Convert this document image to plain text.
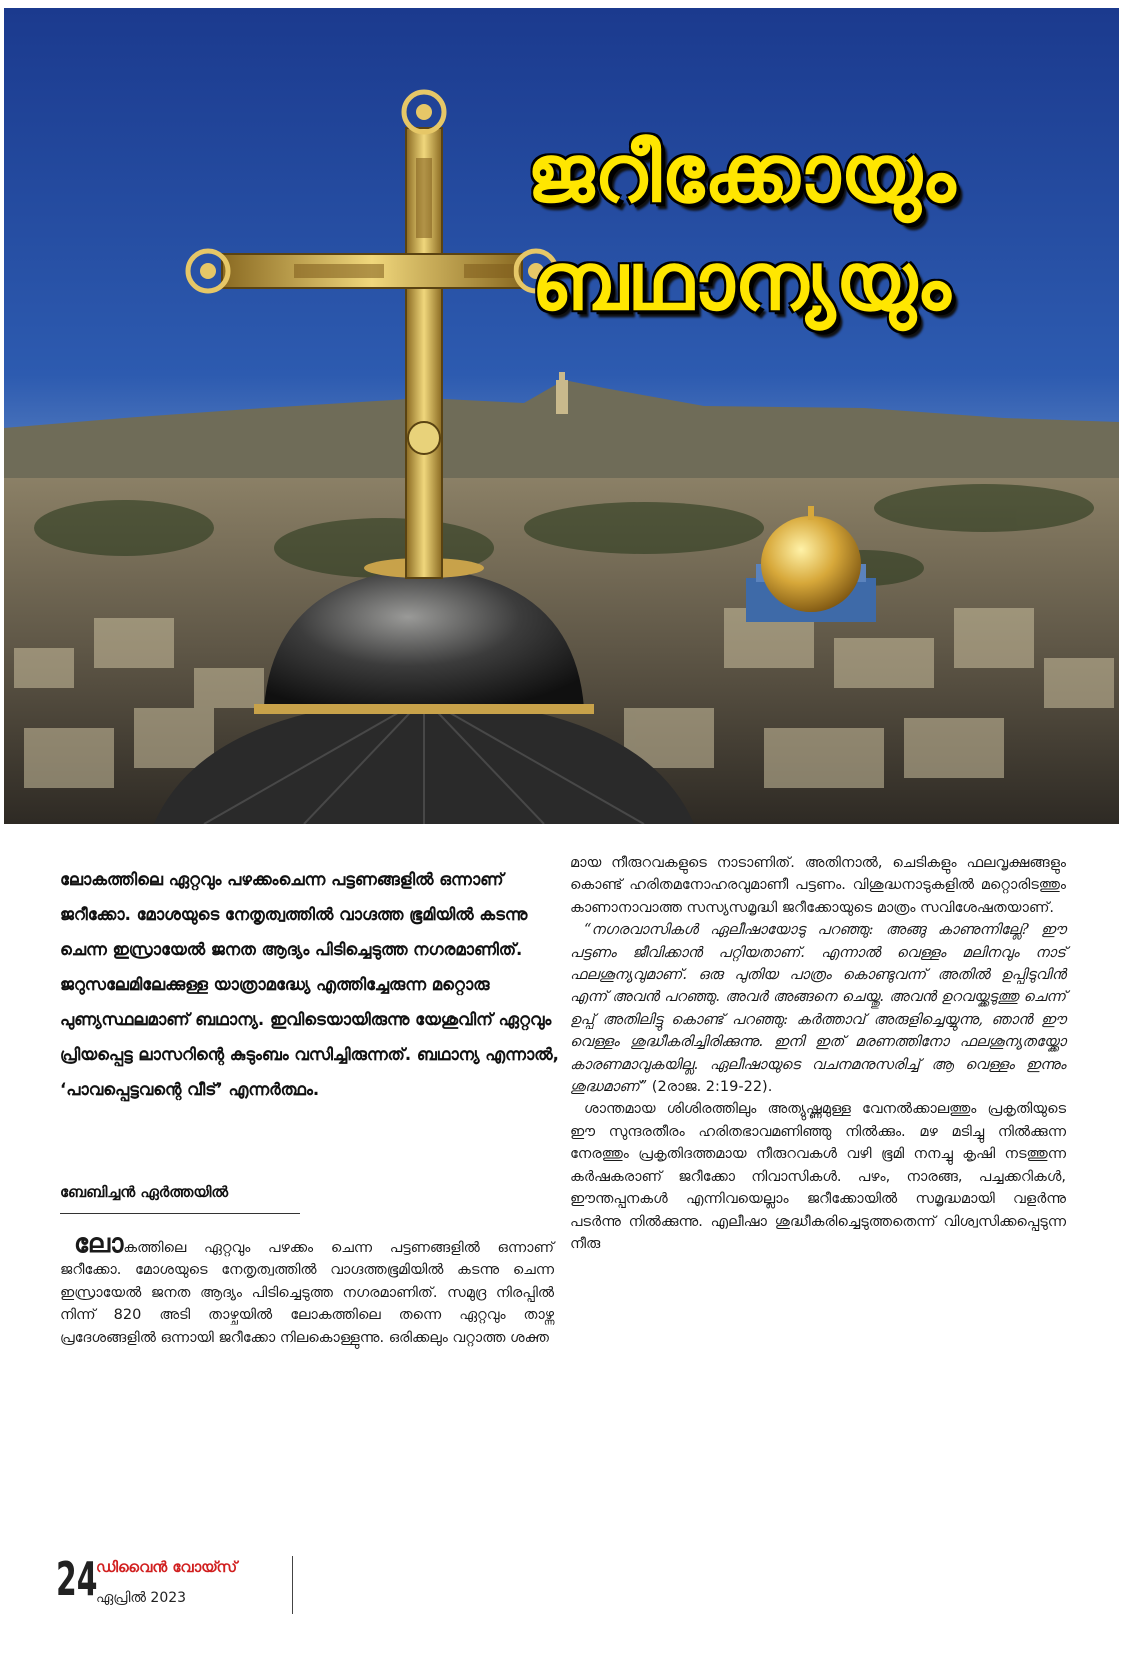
ജറീക്കോയും
ബഥാന്യയും

ലോകത്തിലെ ഏറ്റവും പഴക്കംചെന്ന പട്ടണങ്ങളിൽ ഒന്നാണ് ജറീക്കോ. മോശയുടെ നേതൃത്വത്തിൽ വാഗ്ദത്ത ഭൂമിയിൽ കടന്നു ചെന്ന ഇസ്രായേൽ ജനത ആദ്യം പിടിച്ചെടുത്ത നഗരമാണിത്. ജറുസലേമിലേക്കുള്ള യാത്രാമദ്ധ്യേ എത്തിച്ചേരുന്ന മറ്റൊരു പുണ്യസ്ഥലമാണ് ബഥാന്യ. ഇവിടെയായിരുന്നു യേശുവിന് ഏറ്റവും പ്രിയപ്പെട്ട ലാസറിന്റെ കുടുംബം വസിച്ചിരുന്നത്. ബഥാന്യ എന്നാൽ, ‘പാവപ്പെട്ടവന്റെ വീട്’ എന്നർത്ഥം.

ബേബിച്ചൻ ഏർത്തയിൽ

ലോകത്തിലെ ഏറ്റവും പഴക്കം ചെന്ന പട്ടണങ്ങളിൽ ഒന്നാണ് ജറീക്കോ. മോശയുടെ നേതൃത്വത്തിൽ വാഗ്ദത്തഭൂമിയിൽ കടന്നു ചെന്ന ഇസ്രായേൽ ജനത ആദ്യം പിടിച്ചെടുത്ത നഗരമാണിത്. സമുദ്ര നിരപ്പിൽ നിന്ന് 820 അടി താഴ്ചയിൽ ലോകത്തിലെ തന്നെ ഏറ്റവും താഴ്ന്ന പ്രദേശങ്ങളിൽ ഒന്നായി ജറീക്കോ നിലകൊള്ളുന്നു. ഒരിക്കലും വറ്റാത്ത ശക്ത

മായ നീരുറവകളുടെ നാടാണിത്. അതിനാൽ, ചെടികളും ഫലവൃക്ഷങ്ങളും കൊണ്ട് ഹരിതമനോഹരവുമാണീ പട്ടണം. വിശുദ്ധനാടുകളിൽ മറ്റൊരിടത്തും കാണാനാവാത്ത സസ്യസമൃദ്ധി ജറീക്കോയുടെ മാത്രം സവിശേഷതയാണ്.

“നഗരവാസികൾ ഏലീഷായോടു പറഞ്ഞു: അങ്ങു കാണുന്നില്ലേ? ഈ പട്ടണം ജീവിക്കാൻ പറ്റിയതാണ്. എന്നാൽ വെള്ളം മലിനവും നാട് ഫലശൂന്യവുമാണ്. ഒരു പുതിയ പാത്രം കൊണ്ടുവന്ന് അതിൽ ഉപ്പിടുവിൻ എന്ന് അവൻ പറഞ്ഞു. അവർ അങ്ങനെ ചെയ്തു. അവൻ ഉറവയ്ക്കടുത്തു ചെന്ന് ഉപ്പ് അതിലിട്ടു കൊണ്ട് പറഞ്ഞു: കർത്താവ് അരുളിച്ചെയ്യുന്നു, ഞാൻ ഈ വെള്ളം ശുദ്ധീകരിച്ചിരിക്കുന്നു. ഇനി ഇത് മരണത്തിനോ ഫലശൂന്യതയ്ക്കോ കാരണമാവുകയില്ല. ഏലീഷായുടെ വചനമനുസരിച്ച് ആ വെള്ളം ഇന്നും ശുദ്ധമാണ്” (2രാജ. 2:19-22).

ശാന്തമായ ശിശിരത്തിലും അത്യുഷ്ണമുള്ള വേനൽക്കാലത്തും പ്രകൃതിയുടെ ഈ സുന്ദരതീരം ഹരിതഭാവമണിഞ്ഞു നിൽക്കും. മഴ മടിച്ചു നിൽക്കുന്ന നേരത്തും പ്രകൃതിദത്തമായ നീരുറവകൾ വഴി ഭൂമി നനച്ചു കൃഷി നടത്തുന്ന കർഷകരാണ് ജറീക്കോ നിവാസികൾ. പഴം, നാരങ്ങ, പച്ചക്കറികൾ, ഈന്തപ്പനകൾ എന്നിവയെല്ലാം ജറീക്കോയിൽ സമൃദ്ധമായി വളർന്നു പടർന്നു നിൽക്കുന്നു. എലീഷാ ശുദ്ധീകരിച്ചെടുത്തതെന്ന് വിശ്വസിക്കപ്പെടുന്ന നീരു

24
ഡിവൈൻ വോയ്സ്
ഏപ്രിൽ 2023
